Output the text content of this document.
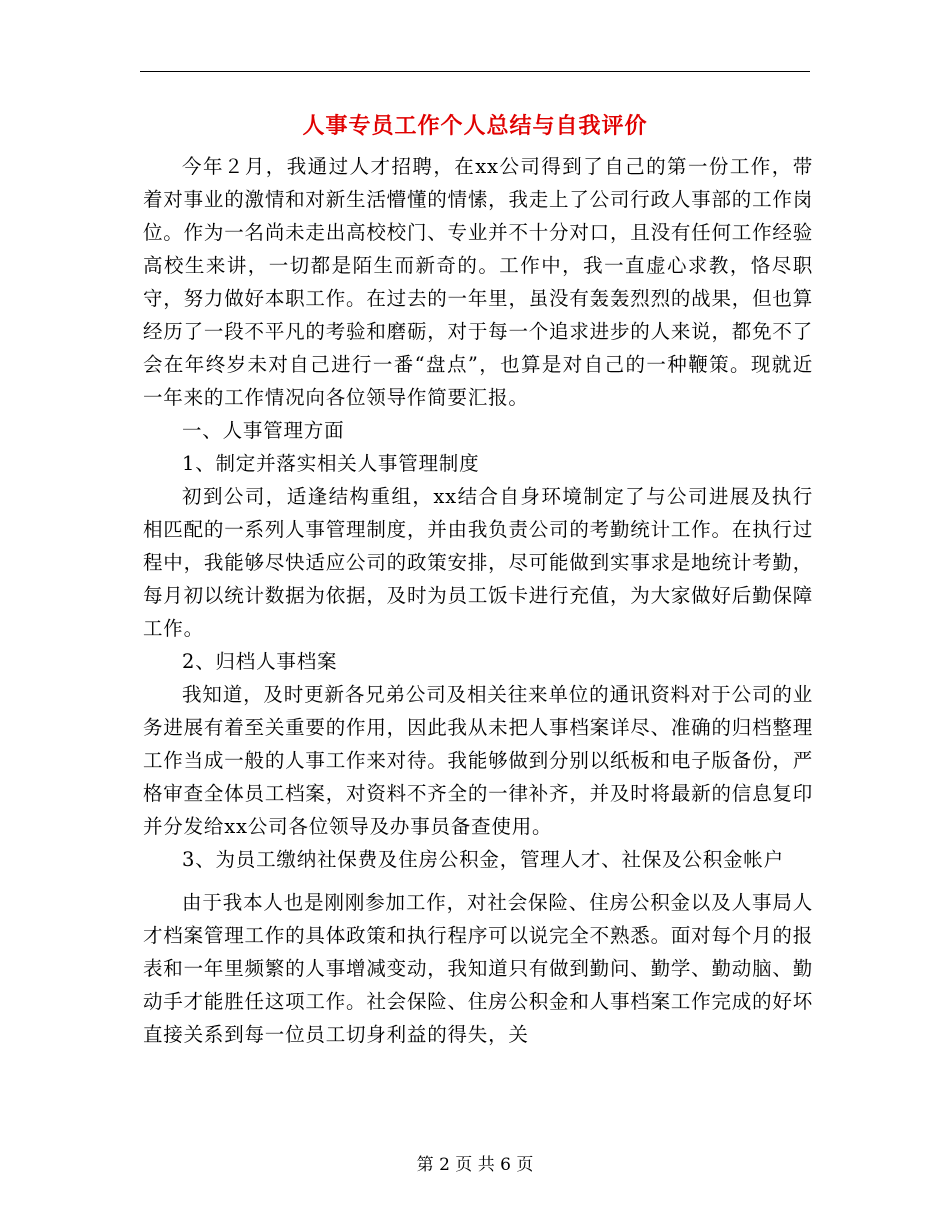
人事专员工作个人总结与自我评价

今年２月，我通过人才招聘，在xx公司得到了自己的第一份工作，带着对事业的激情和对新生活懵懂的情愫，我走上了公司行政人事部的工作岗位。作为一名尚未走出高校校门、专业并不十分对口，且没有任何工作经验高校生来讲，一切都是陌生而新奇的。工作中，我一直虚心求教，恪尽职守，努力做好本职工作。在过去的一年里，虽没有轰轰烈烈的战果，但也算经历了一段不平凡的考验和磨砺，对于每一个追求进步的人来说，都免不了会在年终岁未对自己进行一番“盘点”，也算是对自己的一种鞭策。现就近一年来的工作情况向各位领导作简要汇报。

一、人事管理方面

1、制定并落实相关人事管理制度

初到公司，适逢结构重组，xx结合自身环境制定了与公司进展及执行相匹配的一系列人事管理制度，并由我负责公司的考勤统计工作。在执行过程中，我能够尽快适应公司的政策安排，尽可能做到实事求是地统计考勤，每月初以统计数据为依据，及时为员工饭卡进行充值，为大家做好后勤保障工作。

2、归档人事档案

我知道，及时更新各兄弟公司及相关往来单位的通讯资料对于公司的业务进展有着至关重要的作用，因此我从未把人事档案详尽、准确的归档整理工作当成一般的人事工作来对待。我能够做到分别以纸板和电子版备份，严格审查全体员工档案，对资料不齐全的一律补齐，并及时将最新的信息复印并分发给xx公司各位领导及办事员备查使用。

3、为员工缴纳社保费及住房公积金，管理人才、社保及公积金帐户

由于我本人也是刚刚参加工作，对社会保险、住房公积金以及人事局人才档案管理工作的具体政策和执行程序可以说完全不熟悉。面对每个月的报表和一年里频繁的人事增减变动，我知道只有做到勤问、勤学、勤动脑、勤动手才能胜任这项工作。社会保险、住房公积金和人事档案工作完成的好坏直接关系到每一位员工切身利益的得失，关

第 2 页 共 6 页
